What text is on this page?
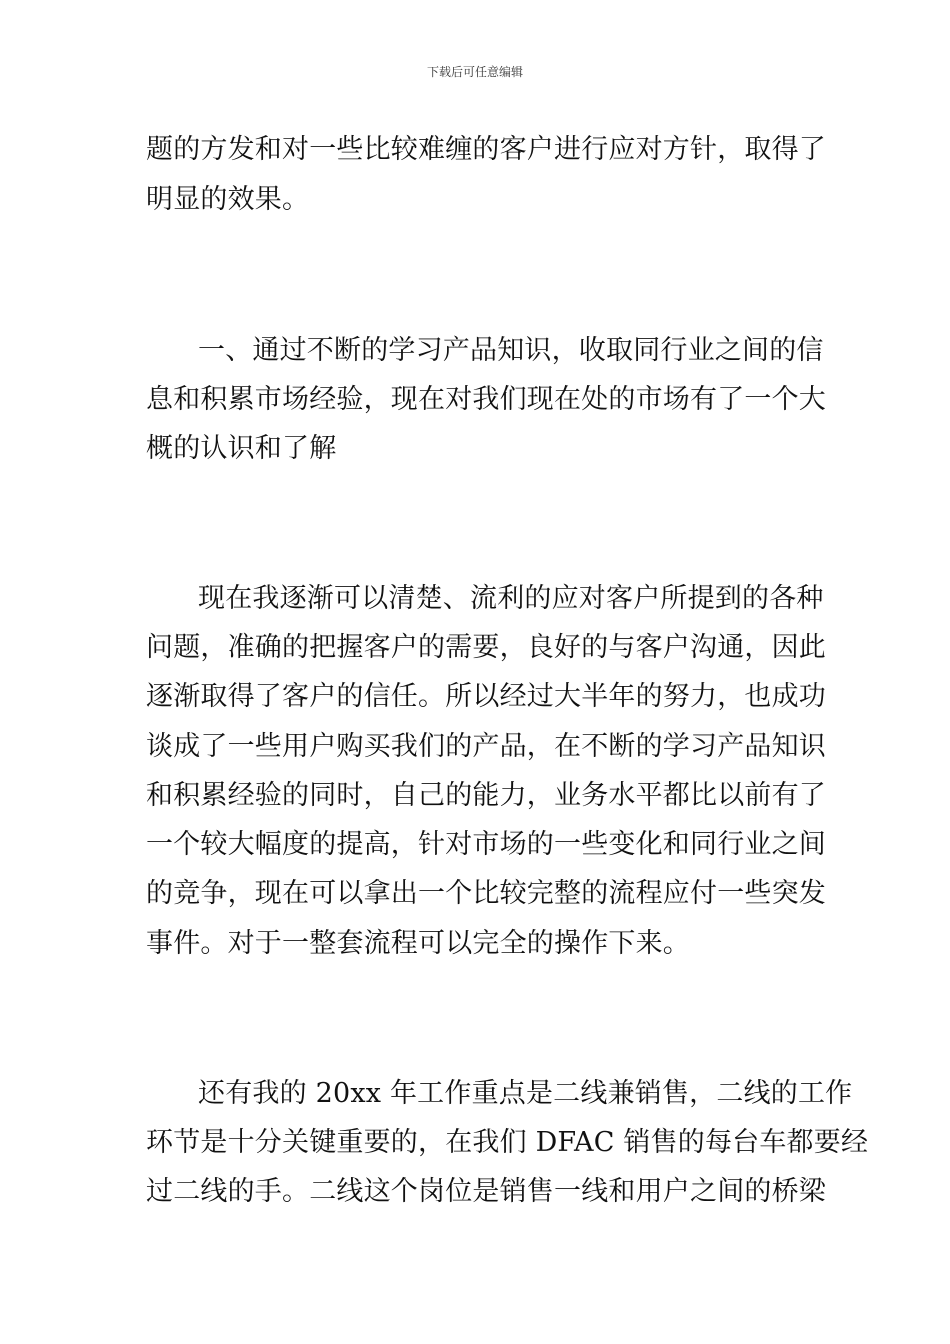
下载后可任意编辑
题的方发和对一些比较难缠的客户进行应对方针，取得了
明显的效果。
一、通过不断的学习产品知识，收取同行业之间的信
息和积累市场经验，现在对我们现在处的市场有了一个大
概的认识和了解
现在我逐渐可以清楚、流利的应对客户所提到的各种
问题，准确的把握客户的需要，良好的与客户沟通，因此
逐渐取得了客户的信任。所以经过大半年的努力，也成功
谈成了一些用户购买我们的产品，在不断的学习产品知识
和积累经验的同时，自己的能力，业务水平都比以前有了
一个较大幅度的提高，针对市场的一些变化和同行业之间
的竞争，现在可以拿出一个比较完整的流程应付一些突发
事件。对于一整套流程可以完全的操作下来。
还有我的 20xx 年工作重点是二线兼销售，二线的工作
环节是十分关键重要的，在我们 DFAC 销售的每台车都要经
过二线的手。二线这个岗位是销售一线和用户之间的桥梁
